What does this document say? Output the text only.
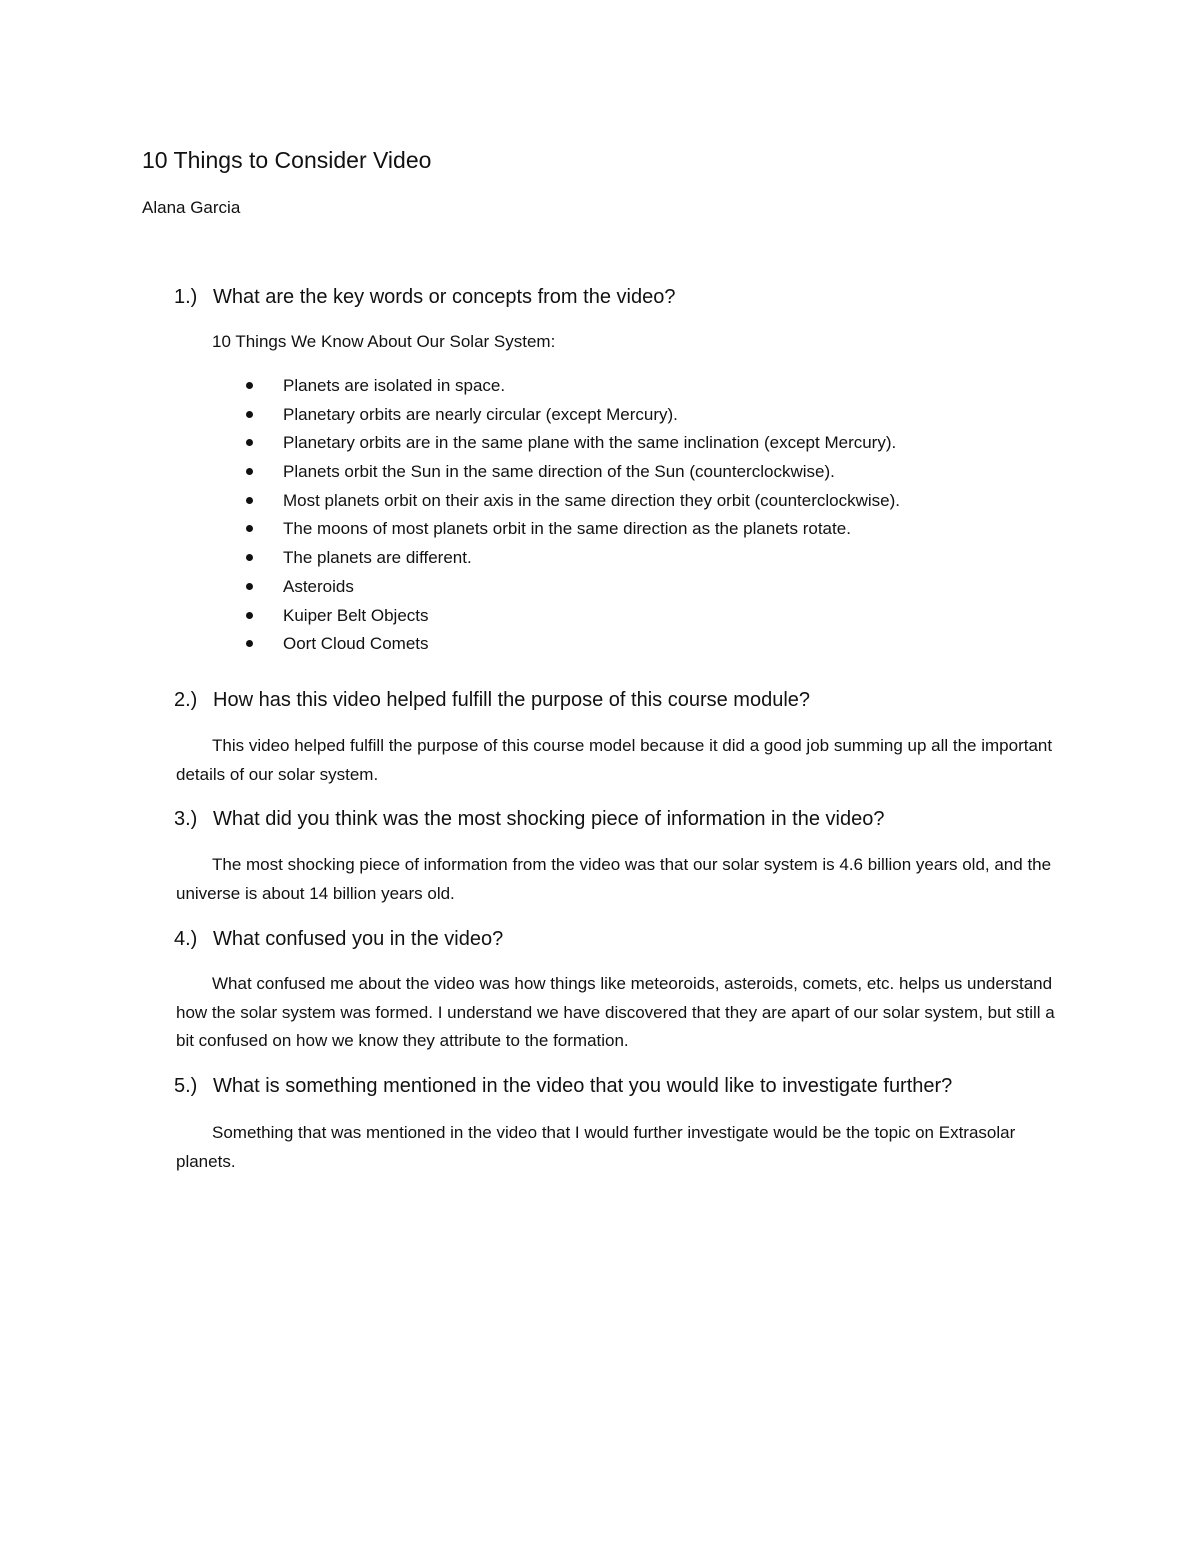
10 Things to Consider Video

Alana Garcia

1.) What are the key words or concepts from the video?

10 Things We Know About Our Solar System:

Planets are isolated in space.
Planetary orbits are nearly circular (except Mercury).
Planetary orbits are in the same plane with the same inclination (except Mercury).
Planets orbit the Sun in the same direction of the Sun (counterclockwise).
Most planets orbit on their axis in the same direction they orbit (counterclockwise).
The moons of most planets orbit in the same direction as the planets rotate.
The planets are different.
Asteroids
Kuiper Belt Objects
Oort Cloud Comets
2.) How has this video helped fulfill the purpose of this course module?

This video helped fulfill the purpose of this course model because it did a good job summing up all the important details of our solar system.

3.) What did you think was the most shocking piece of information in the video?

The most shocking piece of information from the video was that our solar system is 4.6 billion years old, and the universe is about 14 billion years old.

4.) What confused you in the video?

What confused me about the video was how things like meteoroids, asteroids, comets, etc. helps us understand how the solar system was formed. I understand we have discovered that they are apart of our solar system, but still a bit confused on how we know they attribute to the formation.

5.) What is something mentioned in the video that you would like to investigate further?

Something that was mentioned in the video that I would further investigate would be the topic on Extrasolar planets.
